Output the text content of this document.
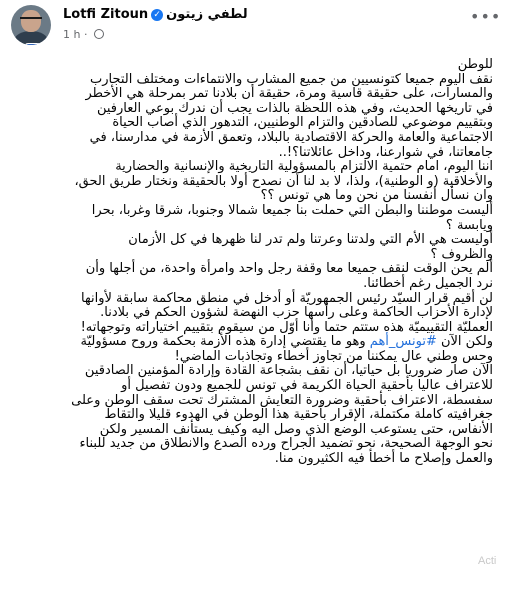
Lotfi Zitoun ✓ لطفي زيتون
1 h ·
•••

للوطن

نقف اليوم جميعا كتونسيين من جميع المشارب والانتماءات ومختلف التجارب

والمسارات، على حقيقة قاسية ومرة، حقيقة أن بلادنا تمر بمرحلة هي الأخطر

في تاريخها الحديث، وفي هذه اللحظة بالذات يجب أن ندرك بوعي العارفين

وبتقييم موضوعي للصادقين والتزام الوطنيين، التدهور الذي أصاب الحياة

الاجتماعية والعامة والحركة الاقتصادية بالبلاد، وتعمق الأزمة في مدارسنا، في

جامعاتنا، في شوارعنا، وداخل عائلاتنا؟!..

اننا اليوم، امام حتمية الالتزام بالمسؤولية التاريخية والإنسانية والحضارية

والأخلاقية (و الوطنية)، ولذا، لا بد لنا أن نصدح أولا بالحقيقة ونختار طريق الحق،

وان نسأل أنفسنا من نحن وما هي تونس ؟؟

أليست موطننا والبطن التي حملت بنا جميعا شمالا وجنوبا، شرقا وغربا، بحرا

ويابسة ؟

أوليست هي الأم التي ولدتنا وعرتنا ولم تدر لنا ظهرها في كل الأزمان

والظروف ؟

ألم يحن الوقت لنقف جميعا معا وقفة رجل واحد وامرأة واحدة، من أجلها وأن

نرد الجميل رغم أخطائنا.

لن أقيم قرار السيّد رئيس الجمهوريّة أو أدخل في منطق محاكمة سابقة لأوانها

لإدارة الأحزاب الحاكمة وعلى رأسها حزب النهضة لشؤون الحكم في بلادنا.

العمليّة التقييميّة هذه ستتم حتما وأنا أوّل من سيقوم بتقييم اختياراته وتوجهاته!

ولكن الآن #تونس_أهم وهو ما يقتضي إدارة هذه الأزمة بحكمة وروح مسؤوليّة

وحس وطني عال يمكننا من تجاوز أخطاء وتجاذبات الماضي!

الآن صار ضروريا بل حياتيا، أن نقف بشجاعة القادة وإرادة المؤمنين الصادقين

للاعتراف عاليا بأحقية الحياة الكريمة في تونس للجميع ودون تفصيل أو

سفسطة، الاعتراف بأحقية وضرورة التعايش المشترك تحت سقف الوطن وعلى

جغرافيته كاملة مكتملة، الإقرار بأحقية هذا الوطن في الهدوء قليلا والتقاط

الأنفاس، حتى يستوعب الوضع الذي وصل اليه وكيف يستأنف المسير ولكن

نحو الوجهة الصحيحة، نحو تضميد الجراح ورده الصدع والانطلاق من جديد للبناء

والعمل وإصلاح ما أخطأ فيه الكثيرون منا.

Acti
